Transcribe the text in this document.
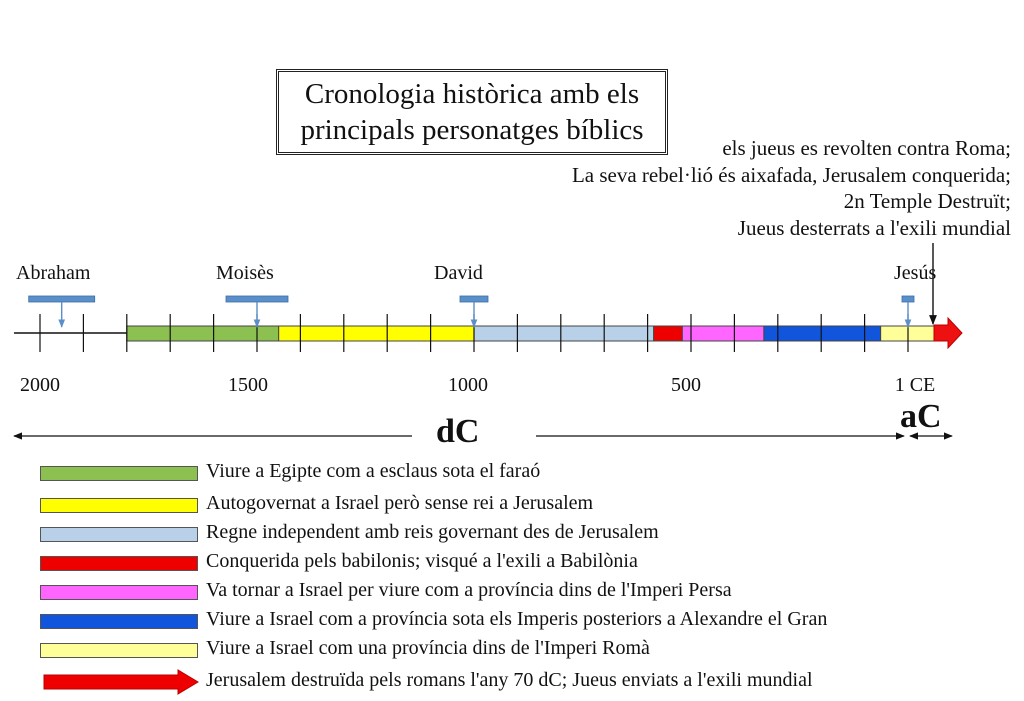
Cronologia històrica amb els
principals personatges bíblics
els jueus es revolten contra Roma;
La seva rebel·lió és aixafada, Jerusalem conquerida;
2n Temple Destruït;
Jueus desterrats a l'exili mundial
Abraham	Moisès	David	Jesús
2000	1500	1000	500	1 CE
dC	aC
Viure a Egipte com a esclaus sota el faraó
Autogovernat a Israel però sense rei a Jerusalem
Regne independent amb reis governant des de Jerusalem
Conquerida pels babilonis; visqué a l'exili a Babilònia
Va tornar a Israel per viure com a província dins de l'Imperi Persa
Viure a Israel com a província sota els Imperis posteriors a Alexandre el Gran
Viure a Israel com una província dins de l'Imperi Romà
Jerusalem destruïda pels romans l'any 70 dC; Jueus enviats a l'exili mundial
